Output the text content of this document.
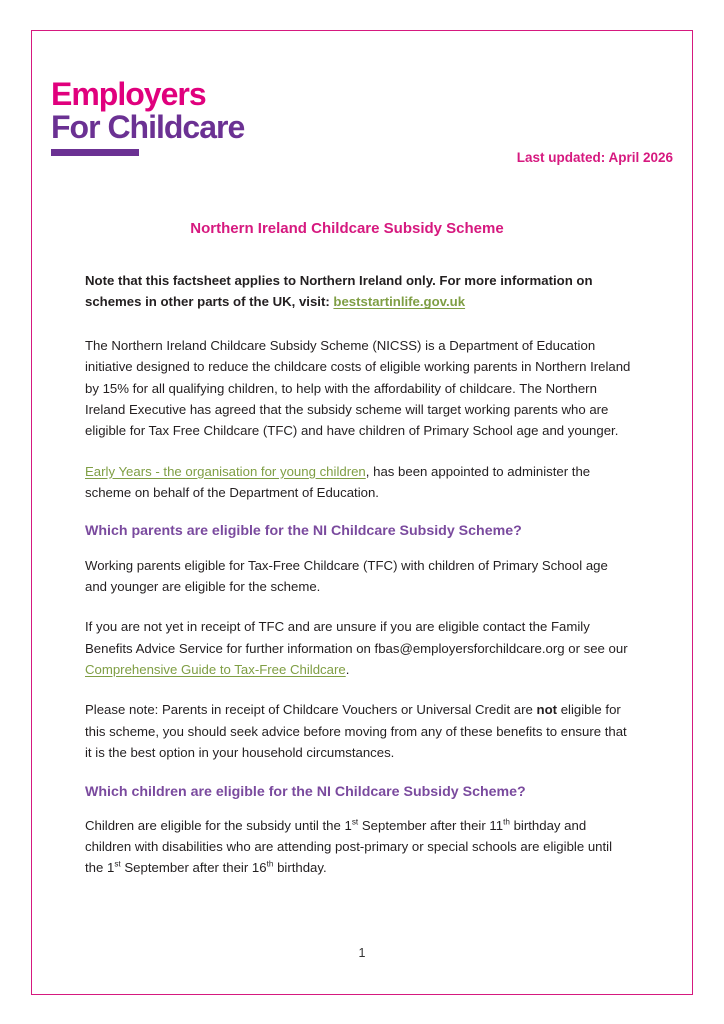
Employers
For Childcare
Last updated: April 2026
Northern Ireland Childcare Subsidy Scheme

Note that this factsheet applies to Northern Ireland only. For more information on schemes in other parts of the UK, visit: beststartinlife.gov.uk

The Northern Ireland Childcare Subsidy Scheme (NICSS) is a Department of Education initiative designed to reduce the childcare costs of eligible working parents in Northern Ireland by 15% for all qualifying children, to help with the affordability of childcare. The Northern Ireland Executive has agreed that the subsidy scheme will target working parents who are eligible for Tax Free Childcare (TFC) and have children of Primary School age and younger.

Early Years - the organisation for young children, has been appointed to administer the scheme on behalf of the Department of Education.

Which parents are eligible for the NI Childcare Subsidy Scheme?

Working parents eligible for Tax-Free Childcare (TFC) with children of Primary School age and younger are eligible for the scheme.

If you are not yet in receipt of TFC and are unsure if you are eligible contact the Family Benefits Advice Service for further information on fbas@employersforchildcare.org or see our Comprehensive Guide to Tax-Free Childcare.

Please note: Parents in receipt of Childcare Vouchers or Universal Credit are not eligible for this scheme, you should seek advice before moving from any of these benefits to ensure that it is the best option in your household circumstances.

Which children are eligible for the NI Childcare Subsidy Scheme?

Children are eligible for the subsidy until the 1st September after their 11th birthday and children with disabilities who are attending post-primary or special schools are eligible until the 1st September after their 16th birthday.

1
